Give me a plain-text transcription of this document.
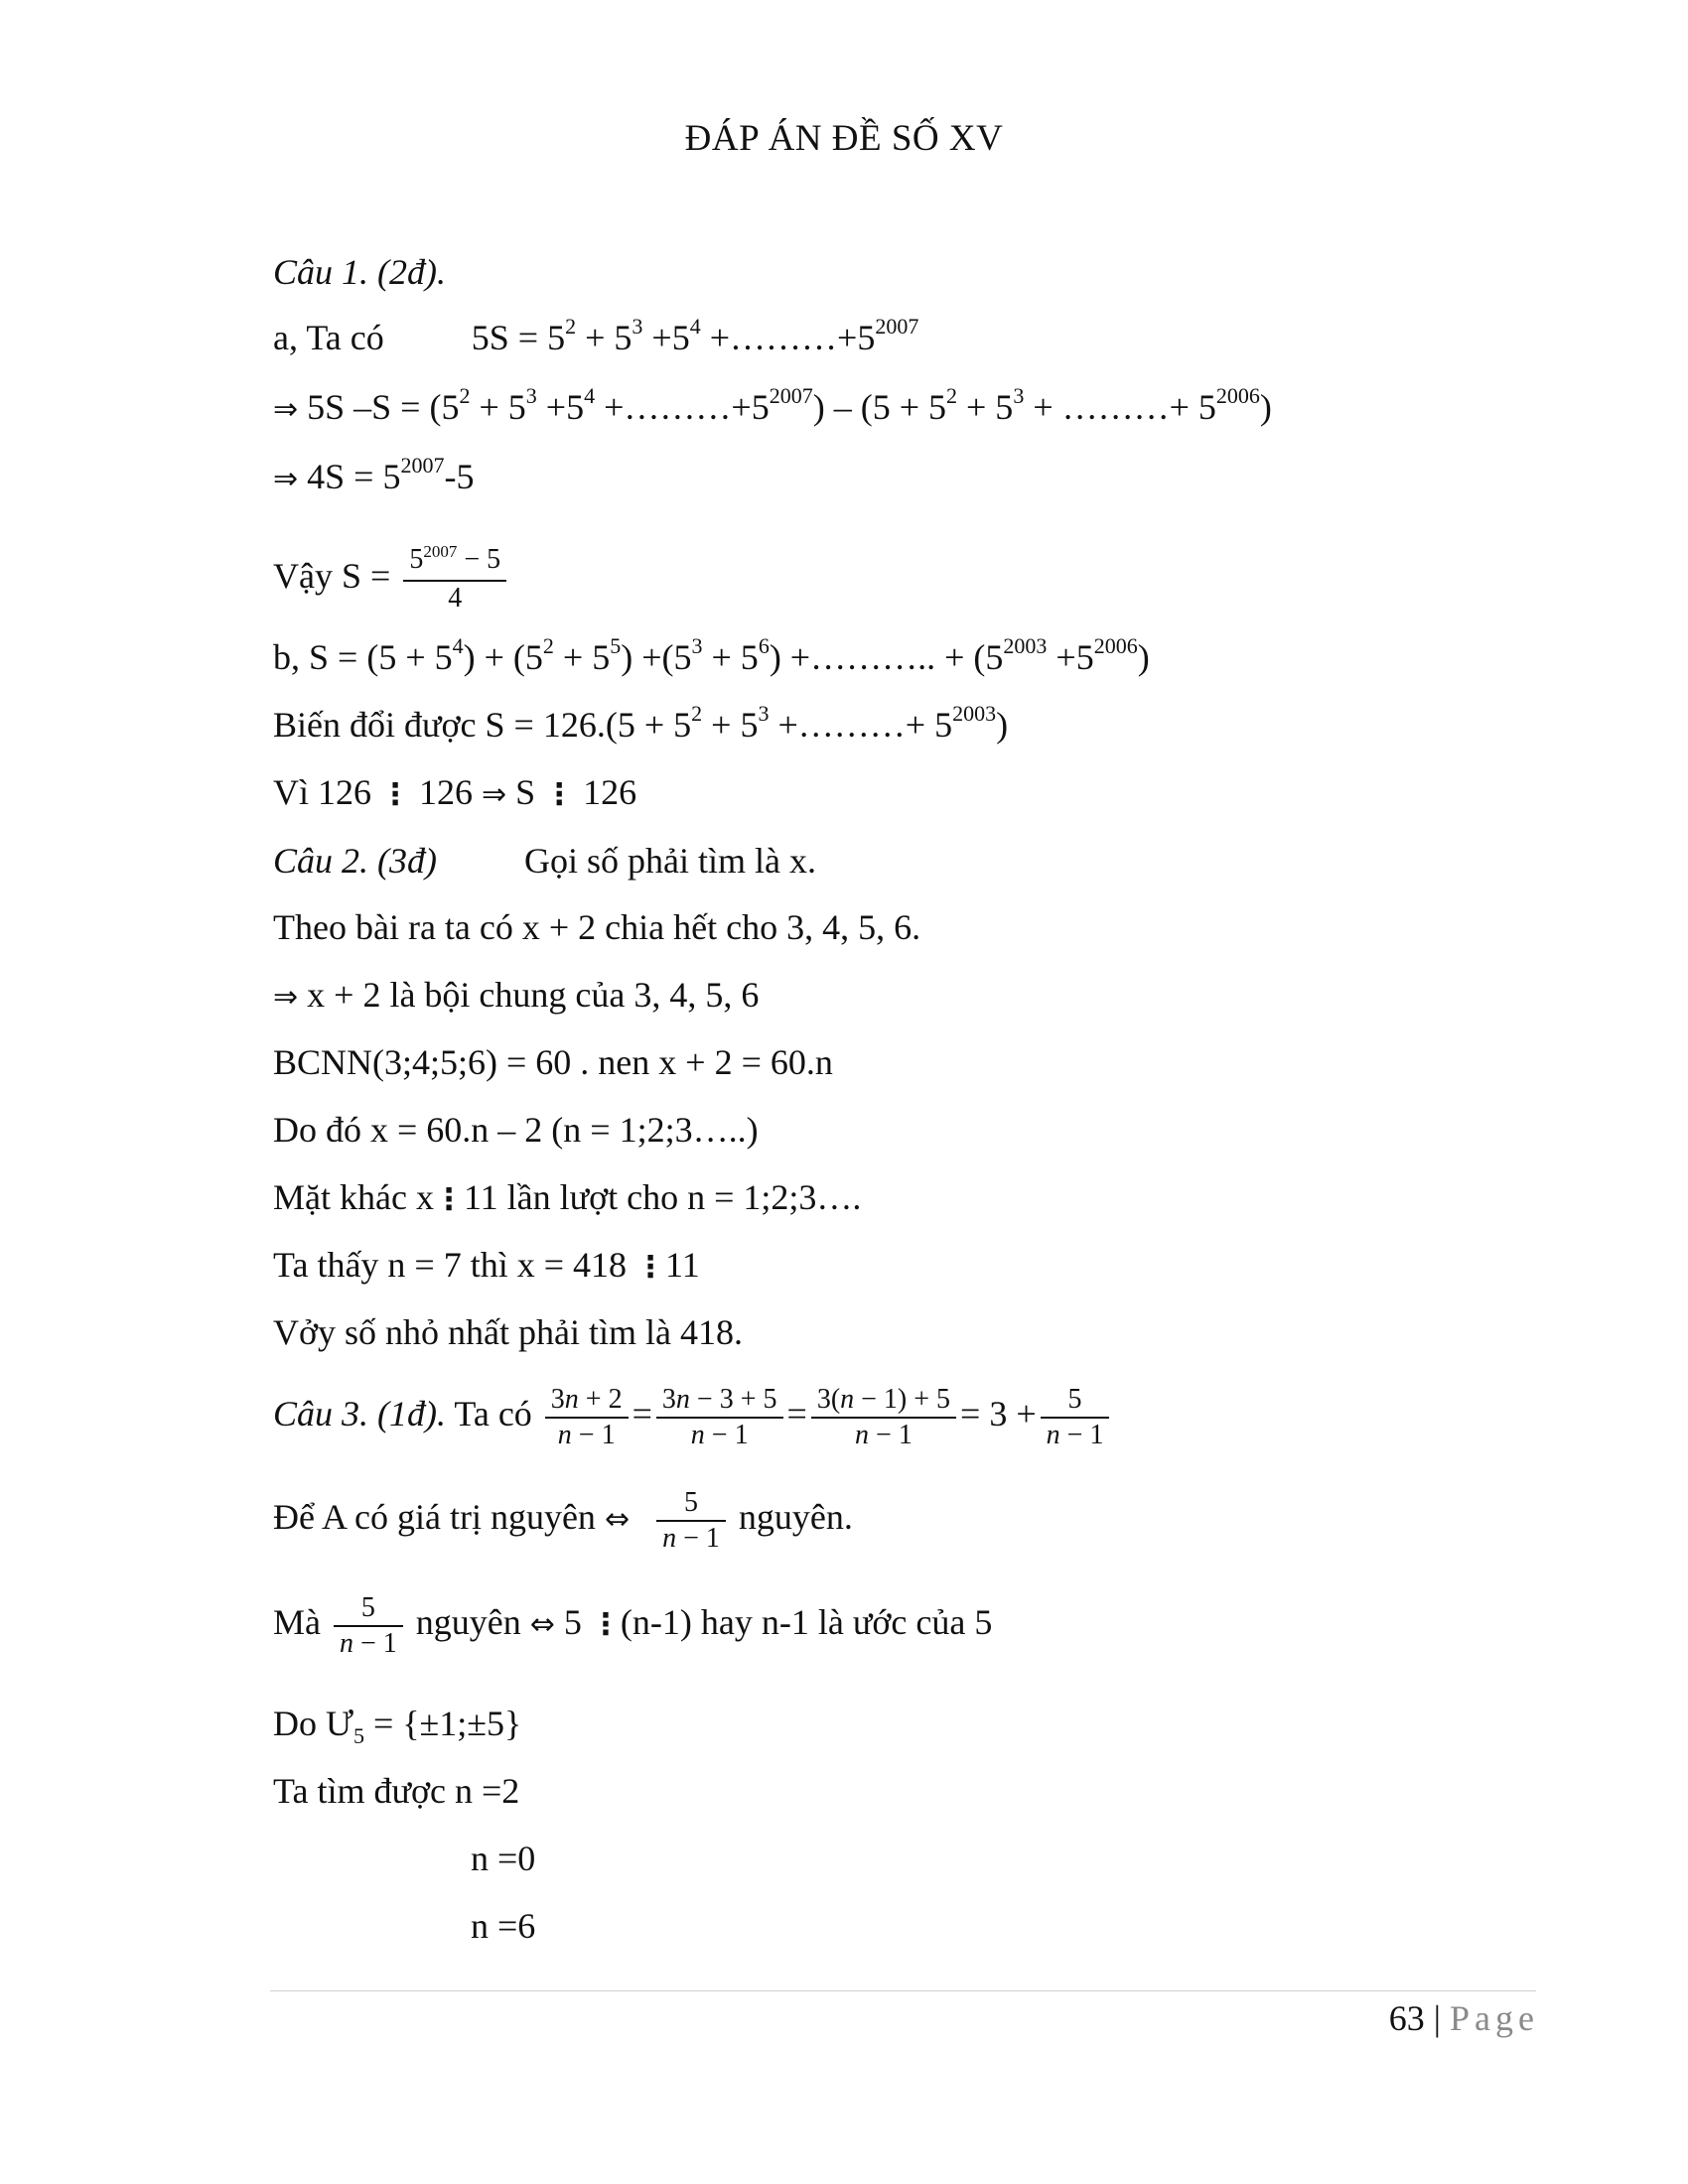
ĐÁP ÁN ĐỀ SỐ XV
Câu 1. (2đ).
a, Ta có $5S = 5^2 + 5^3 +5^4$ $+\dots\dots\dots+5^{2007}$
⇒ 5S $-S = (5^2 + 5^3 +5^4$ $+\dots\dots\dots+5^{2007}) - (5 + 5^2 + 5^3$ + ………+ $5^{2006}$)
⇒ $4S = 5^{2007}-5$
Vậy $S = \frac{5^{2007} - 5}{4}$
b, $S = (5 + 5^4) + (5^2 + 5^5) +(5^3 + 5^6)$ +……….. + $(5^{2003} +5^{2006})$
Biến đổi được $S = 126.(5 + 5^2 + 5^3$ +………+ $5^{2003}$)
Vì 126 ⋮ 126 ⇒ S ⋮ 126
Câu 2. (3đ) Gọi số phải tìm là x.
Theo bài ra ta có x + 2 chia hết cho 3, 4, 5, 6.
⇒ x + 2 là bội chung của 3, 4, 5, 6
BCNN(3;4;5;6) = 60 . nen x + 2 = 60.n
Do đó x = 60.n – 2 (n = 1;2;3…..)
Mặt khác x⋮11 lần lượt cho n = 1;2;3….
Ta thấy n = 7 thì x = 418 ⋮11
Vởy số nhỏ nhất phải tìm là 418.
Câu 3. (1đ). Ta có $\frac{3n + 2}{n - 1} = \frac{3n - 3 + 5}{n - 1} = \frac{3(n - 1) + 5}{n - 1} = 3 + \frac{5}{n - 1}$
Để A có giá trị nguyên ⇔ $\frac{5}{n - 1}$ nguyên.
Mà $\frac{5}{n - 1}$ nguyên ⇔ 5 ⋮(n-1) hay n-1 là ước của 5
Do $Ư_5$ = {±1;±5}
Ta tìm được n =2
n =0
n =6
63 | Page
